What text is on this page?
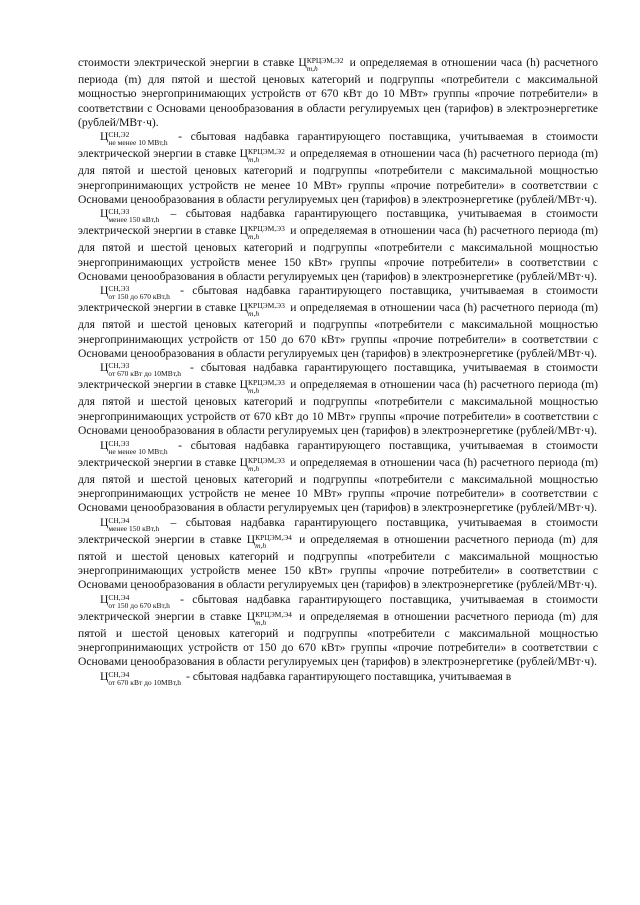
стоимости электрической энергии в ставке Ц КРЦЭМ,Э2
m,h	и определяемая в отношении часа (h) расчетного периода (m) для пятой и шестой ценовых категорий и подгруппы «потребители с максимальной мощностью энергопринимающих устройств от 670 кВт до 10 МВт» группы «прочие потребители» в соответствии с Основами ценообразования в области регулируемых цен (тарифов) в электроэнергетике (рублей/МВт·ч).

Ц СН,Э2
не менее 10 МВт,h - сбытовая надбавка гарантирующего поставщика, учитываемая в стоимости электрической энергии в ставке Ц КРЦЭМ,Э2
m,h	и определяемая в отношении часа (h) расчетного периода (m) для пятой и шестой ценовых категорий и подгруппы «потребители с максимальной мощностью энергопринимающих устройств не менее 10 МВт» группы «прочие потребители» в соответствии с Основами ценообразования в области регулируемых цен (тарифов) в электроэнергетике (рублей/МВт·ч).

Ц СН,Э3
менее 150 кВт,h – сбытовая надбавка гарантирующего поставщика, учитываемая в стоимости электрической энергии в ставке Ц КРЦЭМ,Э3
m,h	и определяемая в отношении часа (h) расчетного периода (m) для пятой и шестой ценовых категорий и подгруппы «потребители с максимальной мощностью энергопринимающих устройств менее 150 кВт» группы «прочие потребители» в соответствии с Основами ценообразования в области регулируемых цен (тарифов) в электроэнергетике (рублей/МВт·ч).

Ц СН,Э3
от 150 до 670 кВт,h - сбытовая надбавка гарантирующего поставщика, учитываемая в стоимости электрической энергии в ставке Ц КРЦЭМ,Э3
m,h	и определяемая в отношении часа (h) расчетного периода (m) для пятой и шестой ценовых категорий и подгруппы «потребители с максимальной мощностью энергопринимающих устройств от 150 до 670 кВт» группы «прочие потребители» в соответствии с Основами ценообразования в области регулируемых цен (тарифов) в электроэнергетике (рублей/МВт·ч).

Ц СН,Э3
от 670 кВт до 10МВт,h - сбытовая надбавка гарантирующего поставщика, учитываемая в стоимости электрической энергии в ставке Ц КРЦЭМ,Э3
m,h	и определяемая в отношении часа (h) расчетного периода (m) для пятой и шестой ценовых категорий и подгруппы «потребители с максимальной мощностью энергопринимающих устройств от 670 кВт до 10 МВт» группы «прочие потребители» в соответствии с Основами ценообразования в области регулируемых цен (тарифов) в электроэнергетике (рублей/МВт·ч).

Ц СН,Э3
не менее 10 МВт,h - сбытовая надбавка гарантирующего поставщика, учитываемая в стоимости электрической энергии в ставке Ц КРЦЭМ,Э3
m,h	и определяемая в отношении часа (h) расчетного периода (m) для пятой и шестой ценовых категорий и подгруппы «потребители с максимальной мощностью энергопринимающих устройств не менее 10 МВт» группы «прочие потребители» в соответствии с Основами ценообразования в области регулируемых цен (тарифов) в электроэнергетике (рублей/МВт·ч).

Ц СН,Э4
менее 150 кВт,h – сбытовая надбавка гарантирующего поставщика, учитываемая в стоимости электрической энергии в ставке Ц КРЦЭМ,Э4
m,h	и определяемая в отношении расчетного периода (m) для пятой и шестой ценовых категорий и подгруппы «потребители с максимальной мощностью энергопринимающих устройств менее 150 кВт» группы «прочие потребители» в соответствии с Основами ценообразования в области регулируемых цен (тарифов) в электроэнергетике (рублей/МВт·ч).

Ц СН,Э4
от 150 до 670 кВт,h - сбытовая надбавка гарантирующего поставщика, учитываемая в стоимости электрической энергии в ставке Ц КРЦЭМ,Э4
m,h	и определяемая в отношении расчетного периода (m) для пятой и шестой ценовых категорий и подгруппы «потребители с максимальной мощностью энергопринимающих устройств от 150 до 670 кВт» группы «прочие потребители» в соответствии с Основами ценообразования в области регулируемых цен (тарифов) в электроэнергетике (рублей/МВт·ч).

Ц СН,Э4
от 670 кВт до 10МВт,h - сбытовая надбавка гарантирующего поставщика, учитываемая в
